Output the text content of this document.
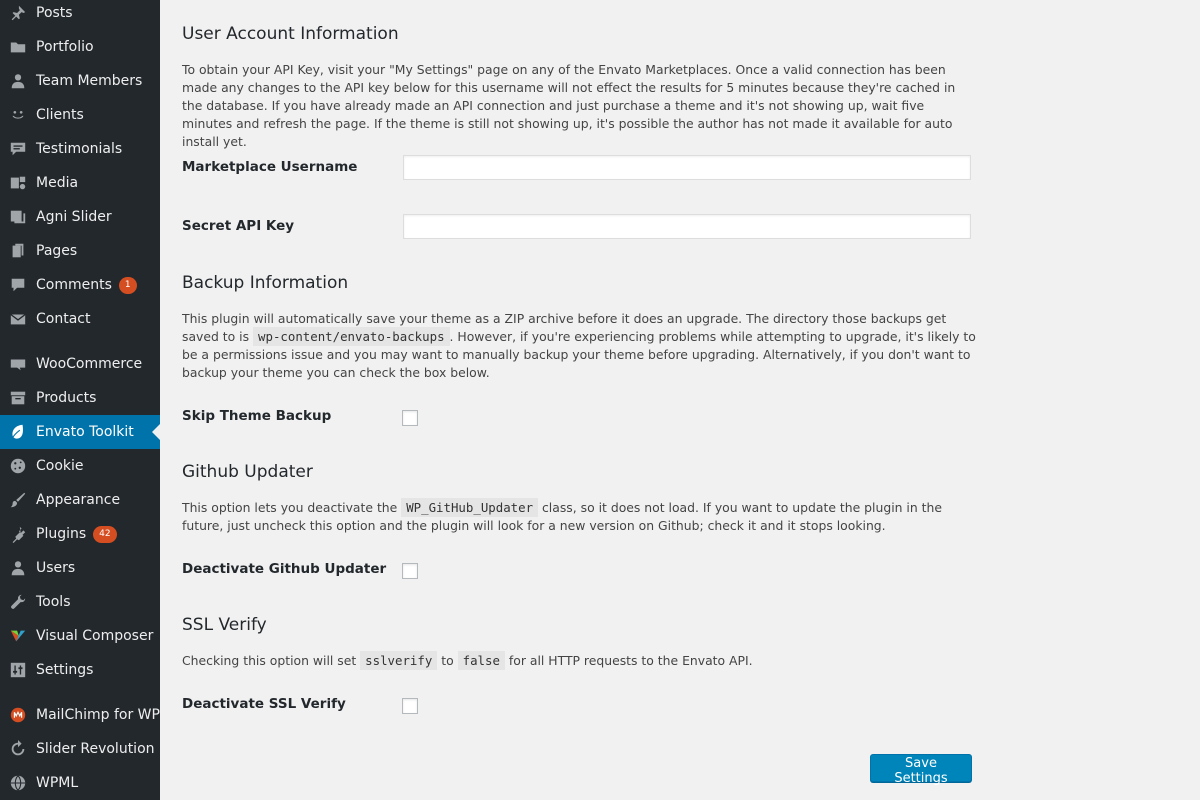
Posts
Portfolio
Team Members
Clients
Testimonials
Media
Agni Slider
Pages
Comments	1
Contact
WooCommerce
Products
Envato Toolkit
Cookie
Appearance
Plugins	42
Users
Tools
Visual Composer
Settings
MailChimp for WP
Slider Revolution
WPML
User Account Information

To obtain your API Key, visit your "My Settings" page on any of the Envato Marketplaces. Once a valid connection has been made any changes to the API key below for this username will not effect the results for 5 minutes because they're cached in the database. If you have already made an API connection and just purchase a theme and it's not showing up, wait five minutes and refresh the page. If the theme is still not showing up, it's possible the author has not made it available for auto install yet.

Marketplace Username
Secret API Key
Backup Information

This plugin will automatically save your theme as a ZIP archive before it does an upgrade. The directory those backups get saved to is wp-content/envato-backups . However, if you're experiencing problems while attempting to upgrade, it's likely to be a permissions issue and you may want to manually backup your theme before upgrading. Alternatively, if you don't want to backup your theme you can check the box below.

Skip Theme Backup
Github Updater

This option lets you deactivate the WP_GitHub_Updater class, so it does not load. If you want to update the plugin in the future, just uncheck this option and the plugin will look for a new version on Github; check it and it stops looking.

Deactivate Github Updater
SSL Verify

Checking this option will set sslverify to false for all HTTP requests to the Envato API.

Deactivate SSL Verify
Save Settings
